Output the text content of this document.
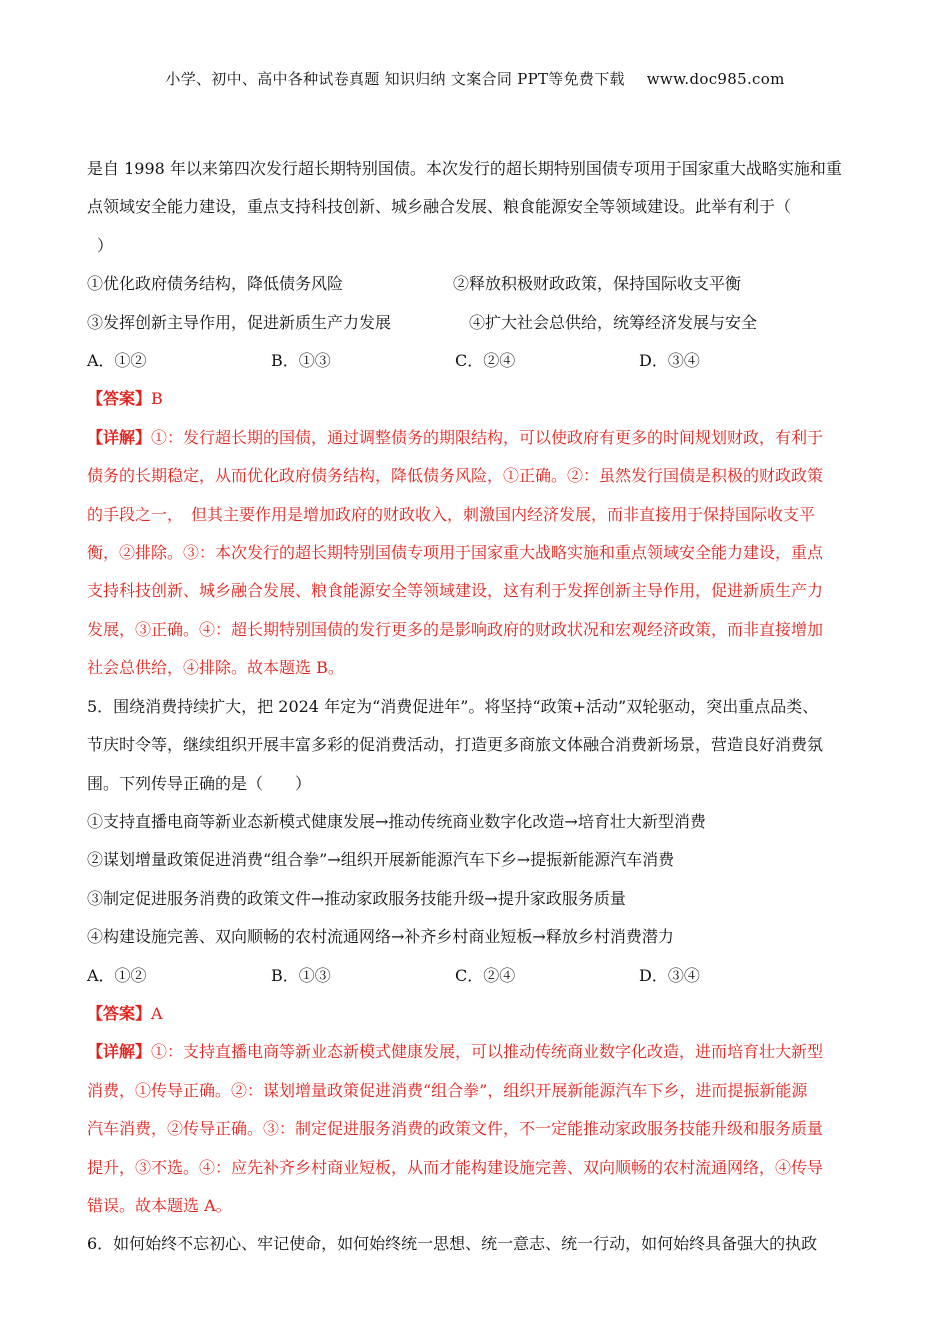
小学、初中、高中各种试卷真题 知识归纳 文案合同 PPT等免费下载 www.doc985.com

是自 1998 年以来第四次发行超长期特别国债。本次发行的超长期特别国债专项用于国家重大战略实施和重

点领域安全能力建设，重点支持科技创新、城乡融合发展、粮食能源安全等领域建设。此举有利于（

）

①优化政府债务结构，降低债务风险	②释放积极财政政策，保持国际收支平衡
③发挥创新主导作用，促进新质生产力发展	④扩大社会总供给，统筹经济发展与安全
A．①②	B．①③	C．②④	D．③④

【答案】B

【详解】①：发行超长期的国债，通过调整债务的期限结构，可以使政府有更多的时间规划财政，有利于

债务的长期稳定，从而优化政府债务结构，降低债务风险，①正确。②：虽然发行国债是积极的财政政策

的手段之一，　但其主要作用是增加政府的财政收入，刺激国内经济发展，而非直接用于保持国际收支平

衡，②排除。③：本次发行的超长期特别国债专项用于国家重大战略实施和重点领域安全能力建设，重点

支持科技创新、城乡融合发展、粮食能源安全等领域建设，这有利于发挥创新主导作用，促进新质生产力

发展，③正确。④：超长期特别国债的发行更多的是影响政府的财政状况和宏观经济政策，而非直接增加

社会总供给，④排除。故本题选 B。

5．围绕消费持续扩大，把 2024 年定为“消费促进年”。将坚持“政策+活动”双轮驱动，突出重点品类、

节庆时令等，继续组织开展丰富多彩的促消费活动，打造更多商旅文体融合消费新场景，营造良好消费氛

围。下列传导正确的是（　　）

①支持直播电商等新业态新模式健康发展→推动传统商业数字化改造→培育壮大新型消费

②谋划增量政策促进消费“组合拳”→组织开展新能源汽车下乡→提振新能源汽车消费

③制定促进服务消费的政策文件→推动家政服务技能升级→提升家政服务质量

④构建设施完善、双向顺畅的农村流通网络→补齐乡村商业短板→释放乡村消费潜力

A．①②	B．①③	C．②④	D．③④

【答案】A

【详解】①：支持直播电商等新业态新模式健康发展，可以推动传统商业数字化改造，进而培育壮大新型

消费，①传导正确。②：谋划增量政策促进消费“组合拳”，组织开展新能源汽车下乡，进而提振新能源

汽车消费，②传导正确。③：制定促进服务消费的政策文件，不一定能推动家政服务技能升级和服务质量

提升，③不选。④：应先补齐乡村商业短板，从而才能构建设施完善、双向顺畅的农村流通网络，④传导

错误。故本题选 A。

6．如何始终不忘初心、牢记使命，如何始终统一思想、统一意志、统一行动，如何始终具备强大的执政
